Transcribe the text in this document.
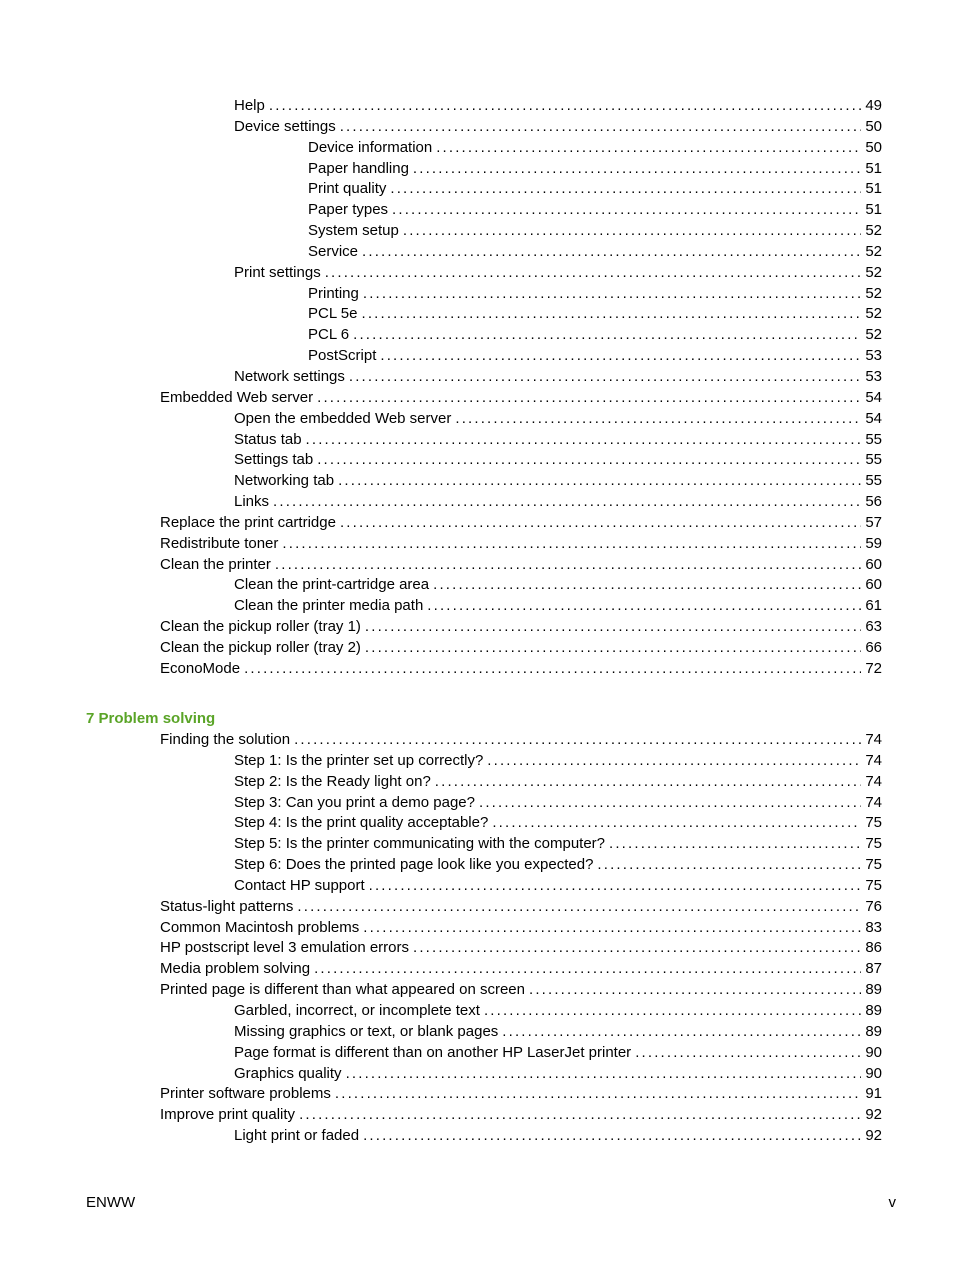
Help . . .	49
Device settings . . .	50
Device information . . .	50
Paper handling . . .	51
Print quality . . .	51
Paper types . . .	51
System setup . . .	52
Service . . .	52
Print settings . . .	52
Printing . . .	52
PCL 5e . . .	52
PCL 6 . . .	52
PostScript . . .	53
Network settings . . .	53
Embedded Web server . . .	54
Open the embedded Web server . . .	54
Status tab . . .	55
Settings tab . . .	55
Networking tab . . .	55
Links . . .	56
Replace the print cartridge . . .	57
Redistribute toner . . .	59
Clean the printer . . .	60
Clean the print-cartridge area . . .	60
Clean the printer media path . . .	61
Clean the pickup roller (tray 1) . . .	63
Clean the pickup roller (tray 2) . . .	66
EconoMode . . .	72
7 Problem solving
Finding the solution . . .	74
Step 1: Is the printer set up correctly? . . .	74
Step 2: Is the Ready light on? . . .	74
Step 3: Can you print a demo page? . . .	74
Step 4: Is the print quality acceptable? . . .	75
Step 5: Is the printer communicating with the computer? . . .	75
Step 6: Does the printed page look like you expected? . . .	75
Contact HP support . . .	75
Status-light patterns . . .	76
Common Macintosh problems . . .	83
HP postscript level 3 emulation errors . . .	86
Media problem solving . . .	87
Printed page is different than what appeared on screen . . .	89
Garbled, incorrect, or incomplete text . . .	89
Missing graphics or text, or blank pages . . .	89
Page format is different than on another HP LaserJet printer . . .	90
Graphics quality . . .	90
Printer software problems . . .	91
Improve print quality . . .	92
Light print or faded . . .	92
ENWW	v
